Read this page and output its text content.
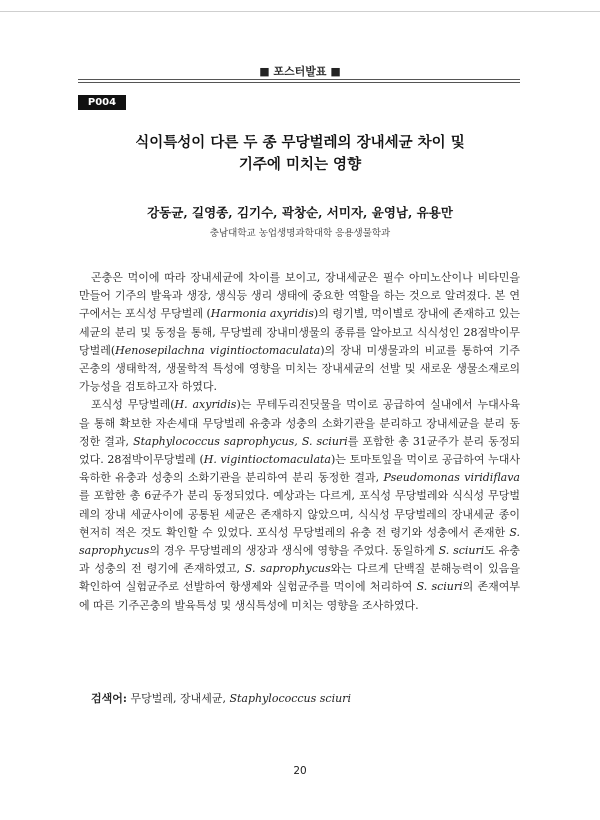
■ 포스터발표 ■
P004
식이특성이 다른 두 종 무당벌레의 장내세균 차이 및
기주에 미치는 영향
강동균, 길영종, 김기수, 곽창순, 서미자, 윤영남, 유용만
충남대학교 농업생명과학대학 응용생물학과

곤충은 먹이에 따라 장내세균에 차이를 보이고, 장내세균은 필수 아미노산이나 비타민을 만들어 기주의 발육과 생장, 생식등 생리 생태에 중요한 역할을 하는 것으로 알려졌다. 본 연구에서는 포식성 무당벌레 (Harmonia axyridis)의 령기별, 먹이별로 장내에 존재하고 있는 세균의 분리 및 동정을 통해, 무당벌레 장내미생물의 종류를 알아보고 식식성인 28점박이무당벌레(Henosepilachna vigintioctomaculata)의 장내 미생물과의 비교를 통하여 기주곤충의 생태학적, 생물학적 특성에 영향을 미치는 장내세균의 선발 및 새로운 생물소재로의 가능성을 검토하고자 하였다.

포식성 무당벌레(H. axyridis)는 무테두리진딧물을 먹이로 공급하여 실내에서 누대사육을 통해 확보한 자손세대 무당벌레 유충과 성충의 소화기관을 분리하고 장내세균을 분리 동정한 결과, Staphylococcus saprophycus, S. sciuri를 포함한 총 31균주가 분리 동정되었다. 28점박이무당벌레 (H. vigintioctomaculata)는 토마토잎을 먹이로 공급하여 누대사육하한 유충과 성충의 소화기관을 분리하여 분리 동정한 결과, Pseudomonas viridiflava를 포함한 총 6균주가 분리 동정되었다. 예상과는 다르게, 포식성 무당벌레와 식식성 무당벌레의 장내 세균사이에 공통된 세균은 존재하지 않았으며, 식식성 무당벌레의 장내세균 종이 현저히 적은 것도 확인할 수 있었다. 포식성 무당벌레의 유충 전 령기와 성충에서 존재한 S. saprophycus의 경우 무당벌레의 생장과 생식에 영향을 주었다. 동일하게 S. sciuri도 유충과 성충의 전 령기에 존재하였고, S. saprophycus와는 다르게 단백질 분해능력이 있음을 확인하여 실험균주로 선발하여 항생제와 실험균주를 먹이에 처리하여 S. sciuri의 존재여부에 따른 기주곤충의 발육특성 및 생식특성에 미치는 영향을 조사하였다.

검색어: 무당벌레, 장내세균, Staphylococcus sciuri
20
